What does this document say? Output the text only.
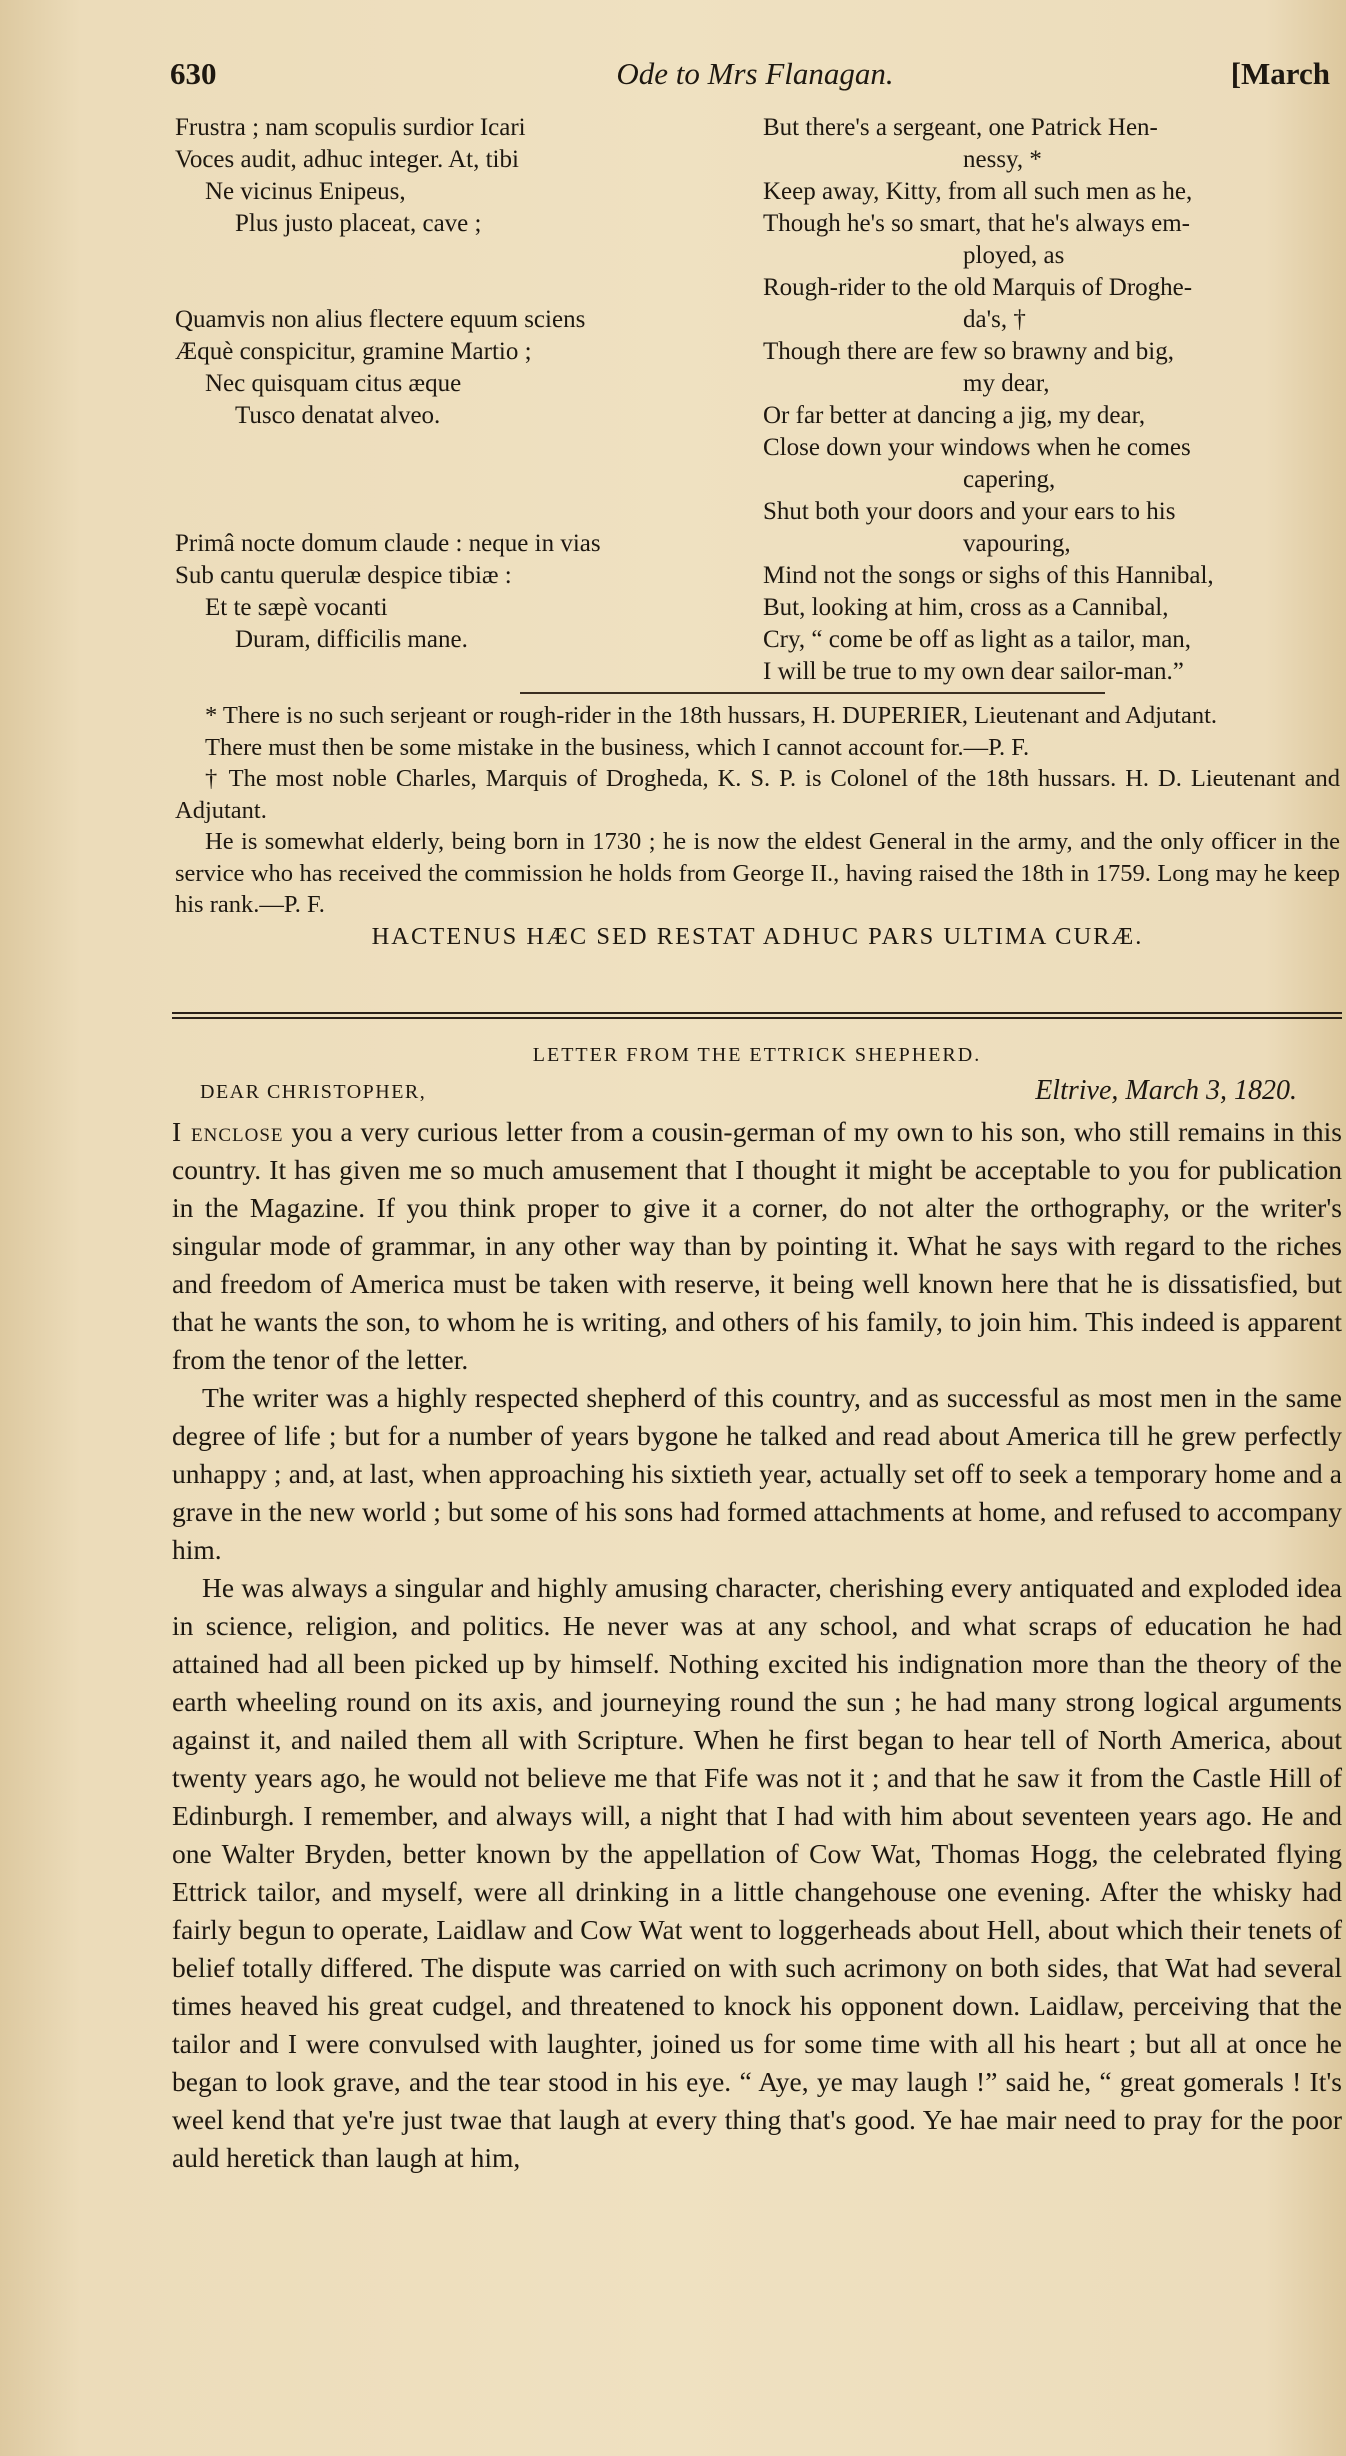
630	Ode to Mrs Flanagan.	[March
Frustra ; nam scopulis surdior Icari
Voces audit, adhuc integer. At, tibi
Ne vicinus Enipeus,
Plus justo placeat, cave ;
Quamvis non alius flectere equum sciens
Æquè conspicitur, gramine Martio ;
Nec quisquam citus æque
Tusco denatat alveo.
Primâ nocte domum claude : neque in vias
Sub cantu querulæ despice tibiæ :
Et te sæpè vocanti
Duram, difficilis mane.
But there's a sergeant, one Patrick Hen-
nessy, *
Keep away, Kitty, from all such men as he,
Though he's so smart, that he's always em-
ployed, as
Rough-rider to the old Marquis of Droghe-
da's, †
Though there are few so brawny and big,
my dear,
Or far better at dancing a jig, my dear,
Close down your windows when he comes
capering,
Shut both your doors and your ears to his
vapouring,
Mind not the songs or sighs of this Hannibal,
But, looking at him, cross as a Cannibal,
Cry, “ come be off as light as a tailor, man,
I will be true to my own dear sailor-man.”

* There is no such serjeant or rough-rider in the 18th hussars, H. DUPERIER, Lieutenant and Adjutant.

There must then be some mistake in the business, which I cannot account for.—P. F.

† The most noble Charles, Marquis of Drogheda, K. S. P. is Colonel of the 18th hussars. H. D. Lieutenant and Adjutant.

He is somewhat elderly, being born in 1730 ; he is now the eldest General in the army, and the only officer in the service who has received the commission he holds from George II., having raised the 18th in 1759. Long may he keep his rank.—P. F.

HACTENUS HÆC SED RESTAT ADHUC PARS ULTIMA CURÆ.

LETTER FROM THE ETTRICK SHEPHERD.
DEAR CHRISTOPHER,	Eltrive, March 3, 1820.

I enclose you a very curious letter from a cousin-german of my own to his son, who still remains in this country. It has given me so much amusement that I thought it might be acceptable to you for publication in the Magazine. If you think proper to give it a corner, do not alter the orthography, or the writer's singular mode of grammar, in any other way than by pointing it. What he says with regard to the riches and freedom of America must be taken with reserve, it being well known here that he is dissatisfied, but that he wants the son, to whom he is writing, and others of his family, to join him. This indeed is apparent from the tenor of the letter.

The writer was a highly respected shepherd of this country, and as successful as most men in the same degree of life ; but for a number of years bygone he talked and read about America till he grew perfectly unhappy ; and, at last, when approaching his sixtieth year, actually set off to seek a temporary home and a grave in the new world ; but some of his sons had formed attachments at home, and refused to accompany him.

He was always a singular and highly amusing character, cherishing every antiquated and exploded idea in science, religion, and politics. He never was at any school, and what scraps of education he had attained had all been picked up by himself. Nothing excited his indignation more than the theory of the earth wheeling round on its axis, and journeying round the sun ; he had many strong logical arguments against it, and nailed them all with Scripture. When he first began to hear tell of North America, about twenty years ago, he would not believe me that Fife was not it ; and that he saw it from the Castle Hill of Edinburgh. I remember, and always will, a night that I had with him about seventeen years ago. He and one Walter Bryden, better known by the appellation of Cow Wat, Thomas Hogg, the celebrated flying Ettrick tailor, and myself, were all drinking in a little changehouse one evening. After the whisky had fairly begun to operate, Laidlaw and Cow Wat went to loggerheads about Hell, about which their tenets of belief totally differed. The dispute was carried on with such acrimony on both sides, that Wat had several times heaved his great cudgel, and threatened to knock his opponent down. Laidlaw, perceiving that the tailor and I were convulsed with laughter, joined us for some time with all his heart ; but all at once he began to look grave, and the tear stood in his eye. “ Aye, ye may laugh !” said he, “ great gomerals ! It's weel kend that ye're just twae that laugh at every thing that's good. Ye hae mair need to pray for the poor auld heretick than laugh at him,
